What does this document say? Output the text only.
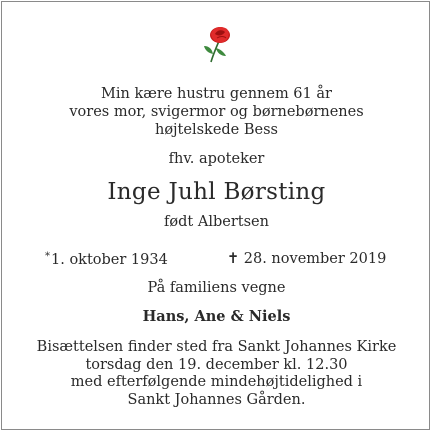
Min kære hustru gennem 61 år
vores mor, svigermor og børnebørnenes
højtelskede Bess
fhv. apoteker
Inge Juhl Børsting
født Albertsen
*1. oktober 1934	✝ 28. november 2019
På familiens vegne
Hans, Ane & Niels
Bisættelsen finder sted fra Sankt Johannes Kirke
torsdag den 19. december kl. 12.30
med efterfølgende mindehøjtidelighed i
Sankt Johannes Gården.
